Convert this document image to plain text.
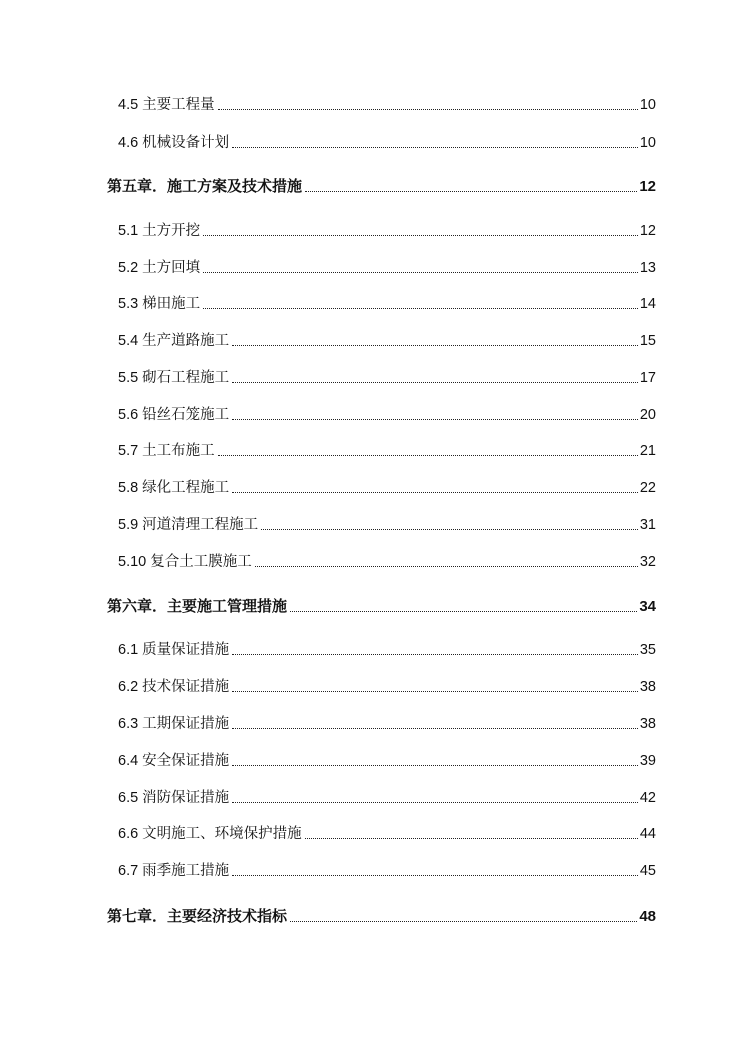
4.5 主要工程量	10
4.6 机械设备计划	10
第五章．施工方案及技术措施	12
5.1 土方开挖	12
5.2 土方回填	13
5.3 梯田施工	14
5.4 生产道路施工	15
5.5 砌石工程施工	17
5.6 铅丝石笼施工	20
5.7 土工布施工	21
5.8 绿化工程施工	22
5.9 河道清理工程施工	31
5.10 复合土工膜施工	32
第六章．主要施工管理措施	34
6.1 质量保证措施	35
6.2 技术保证措施	38
6.3 工期保证措施	38
6.4 安全保证措施	39
6.5 消防保证措施	42
6.6 文明施工、环境保护措施	44
6.7 雨季施工措施	45
第七章．主要经济技术指标	48
